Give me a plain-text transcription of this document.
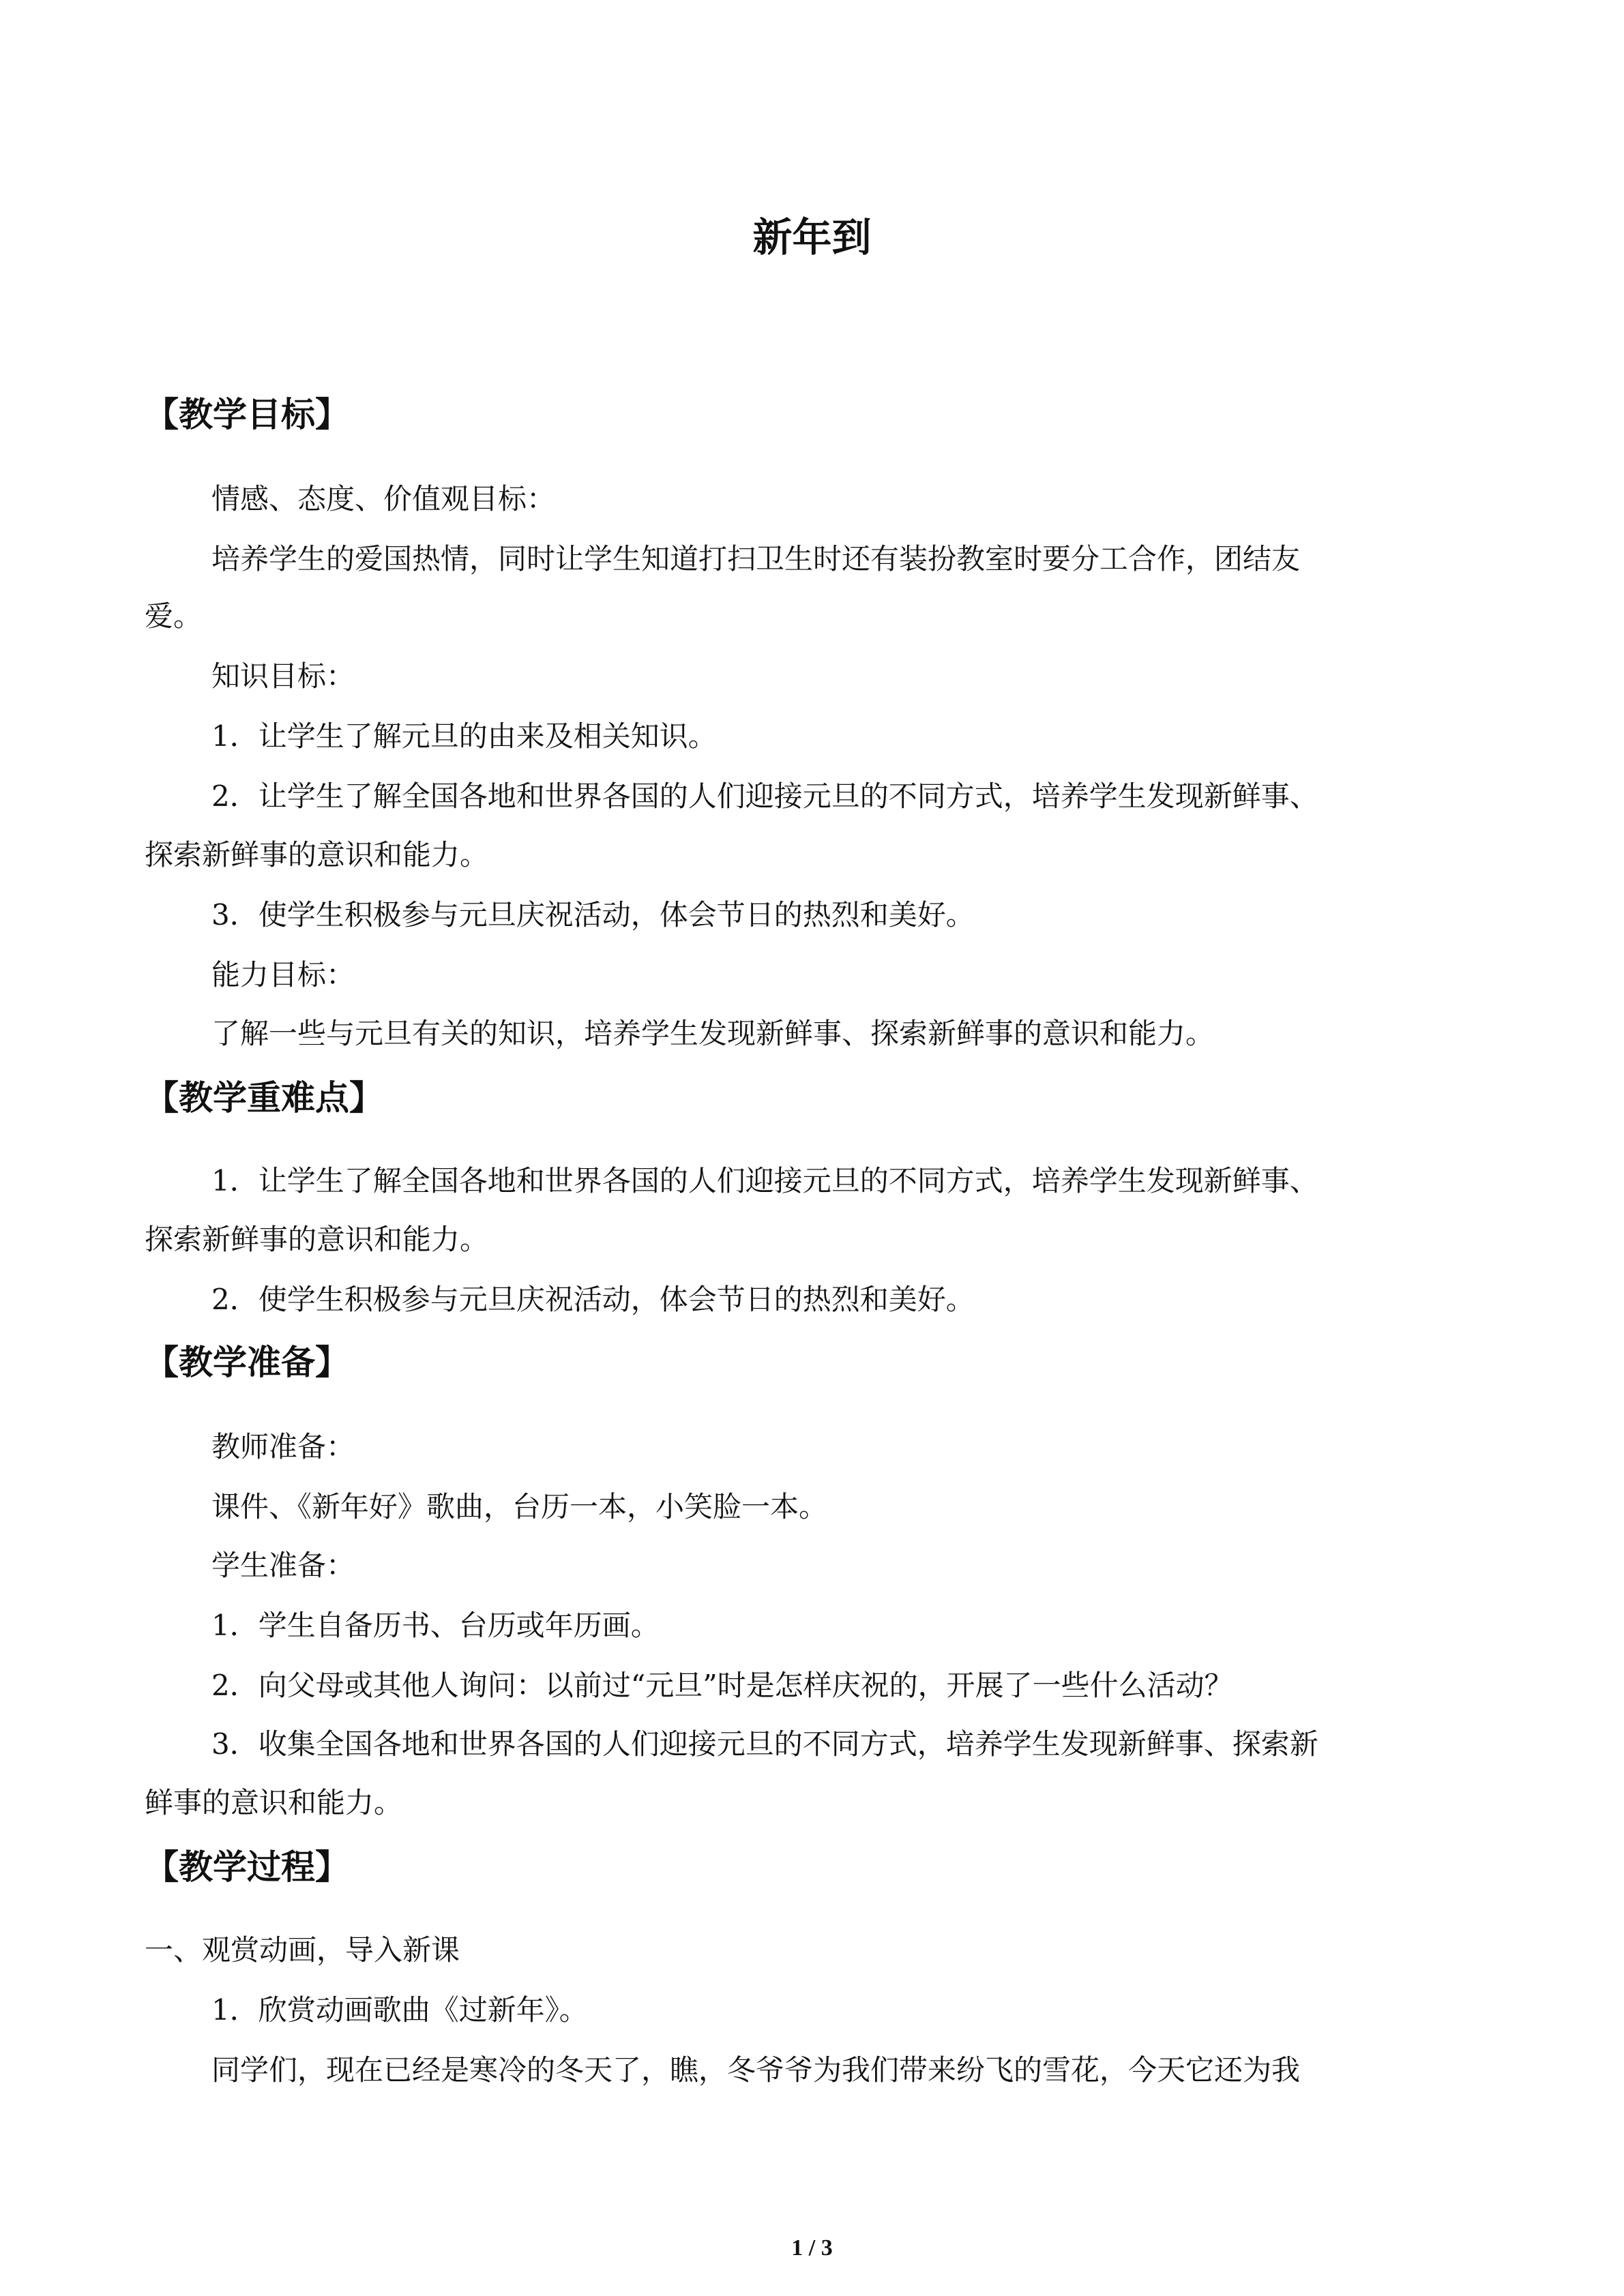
新年到
【教学目标】
情感、态度、价值观目标：
培养学生的爱国热情，同时让学生知道打扫卫生时还有装扮教室时要分工合作，团结友
爱。
知识目标：
1．让学生了解元旦的由来及相关知识。
2．让学生了解全国各地和世界各国的人们迎接元旦的不同方式，培养学生发现新鲜事、
探索新鲜事的意识和能力。
3．使学生积极参与元旦庆祝活动，体会节日的热烈和美好。
能力目标：
了解一些与元旦有关的知识，培养学生发现新鲜事、探索新鲜事的意识和能力。
【教学重难点】
1．让学生了解全国各地和世界各国的人们迎接元旦的不同方式，培养学生发现新鲜事、
探索新鲜事的意识和能力。
2．使学生积极参与元旦庆祝活动，体会节日的热烈和美好。
【教学准备】
教师准备：
课件、《新年好》歌曲，台历一本，小笑脸一本。
学生准备：
1．学生自备历书、台历或年历画。
2．向父母或其他人询问：以前过“元旦”时是怎样庆祝的，开展了一些什么活动？
3．收集全国各地和世界各国的人们迎接元旦的不同方式，培养学生发现新鲜事、探索新
鲜事的意识和能力。
【教学过程】
一、观赏动画，导入新课
1．欣赏动画歌曲《过新年》。
同学们，现在已经是寒冷的冬天了，瞧，冬爷爷为我们带来纷飞的雪花，今天它还为我
1 / 3
